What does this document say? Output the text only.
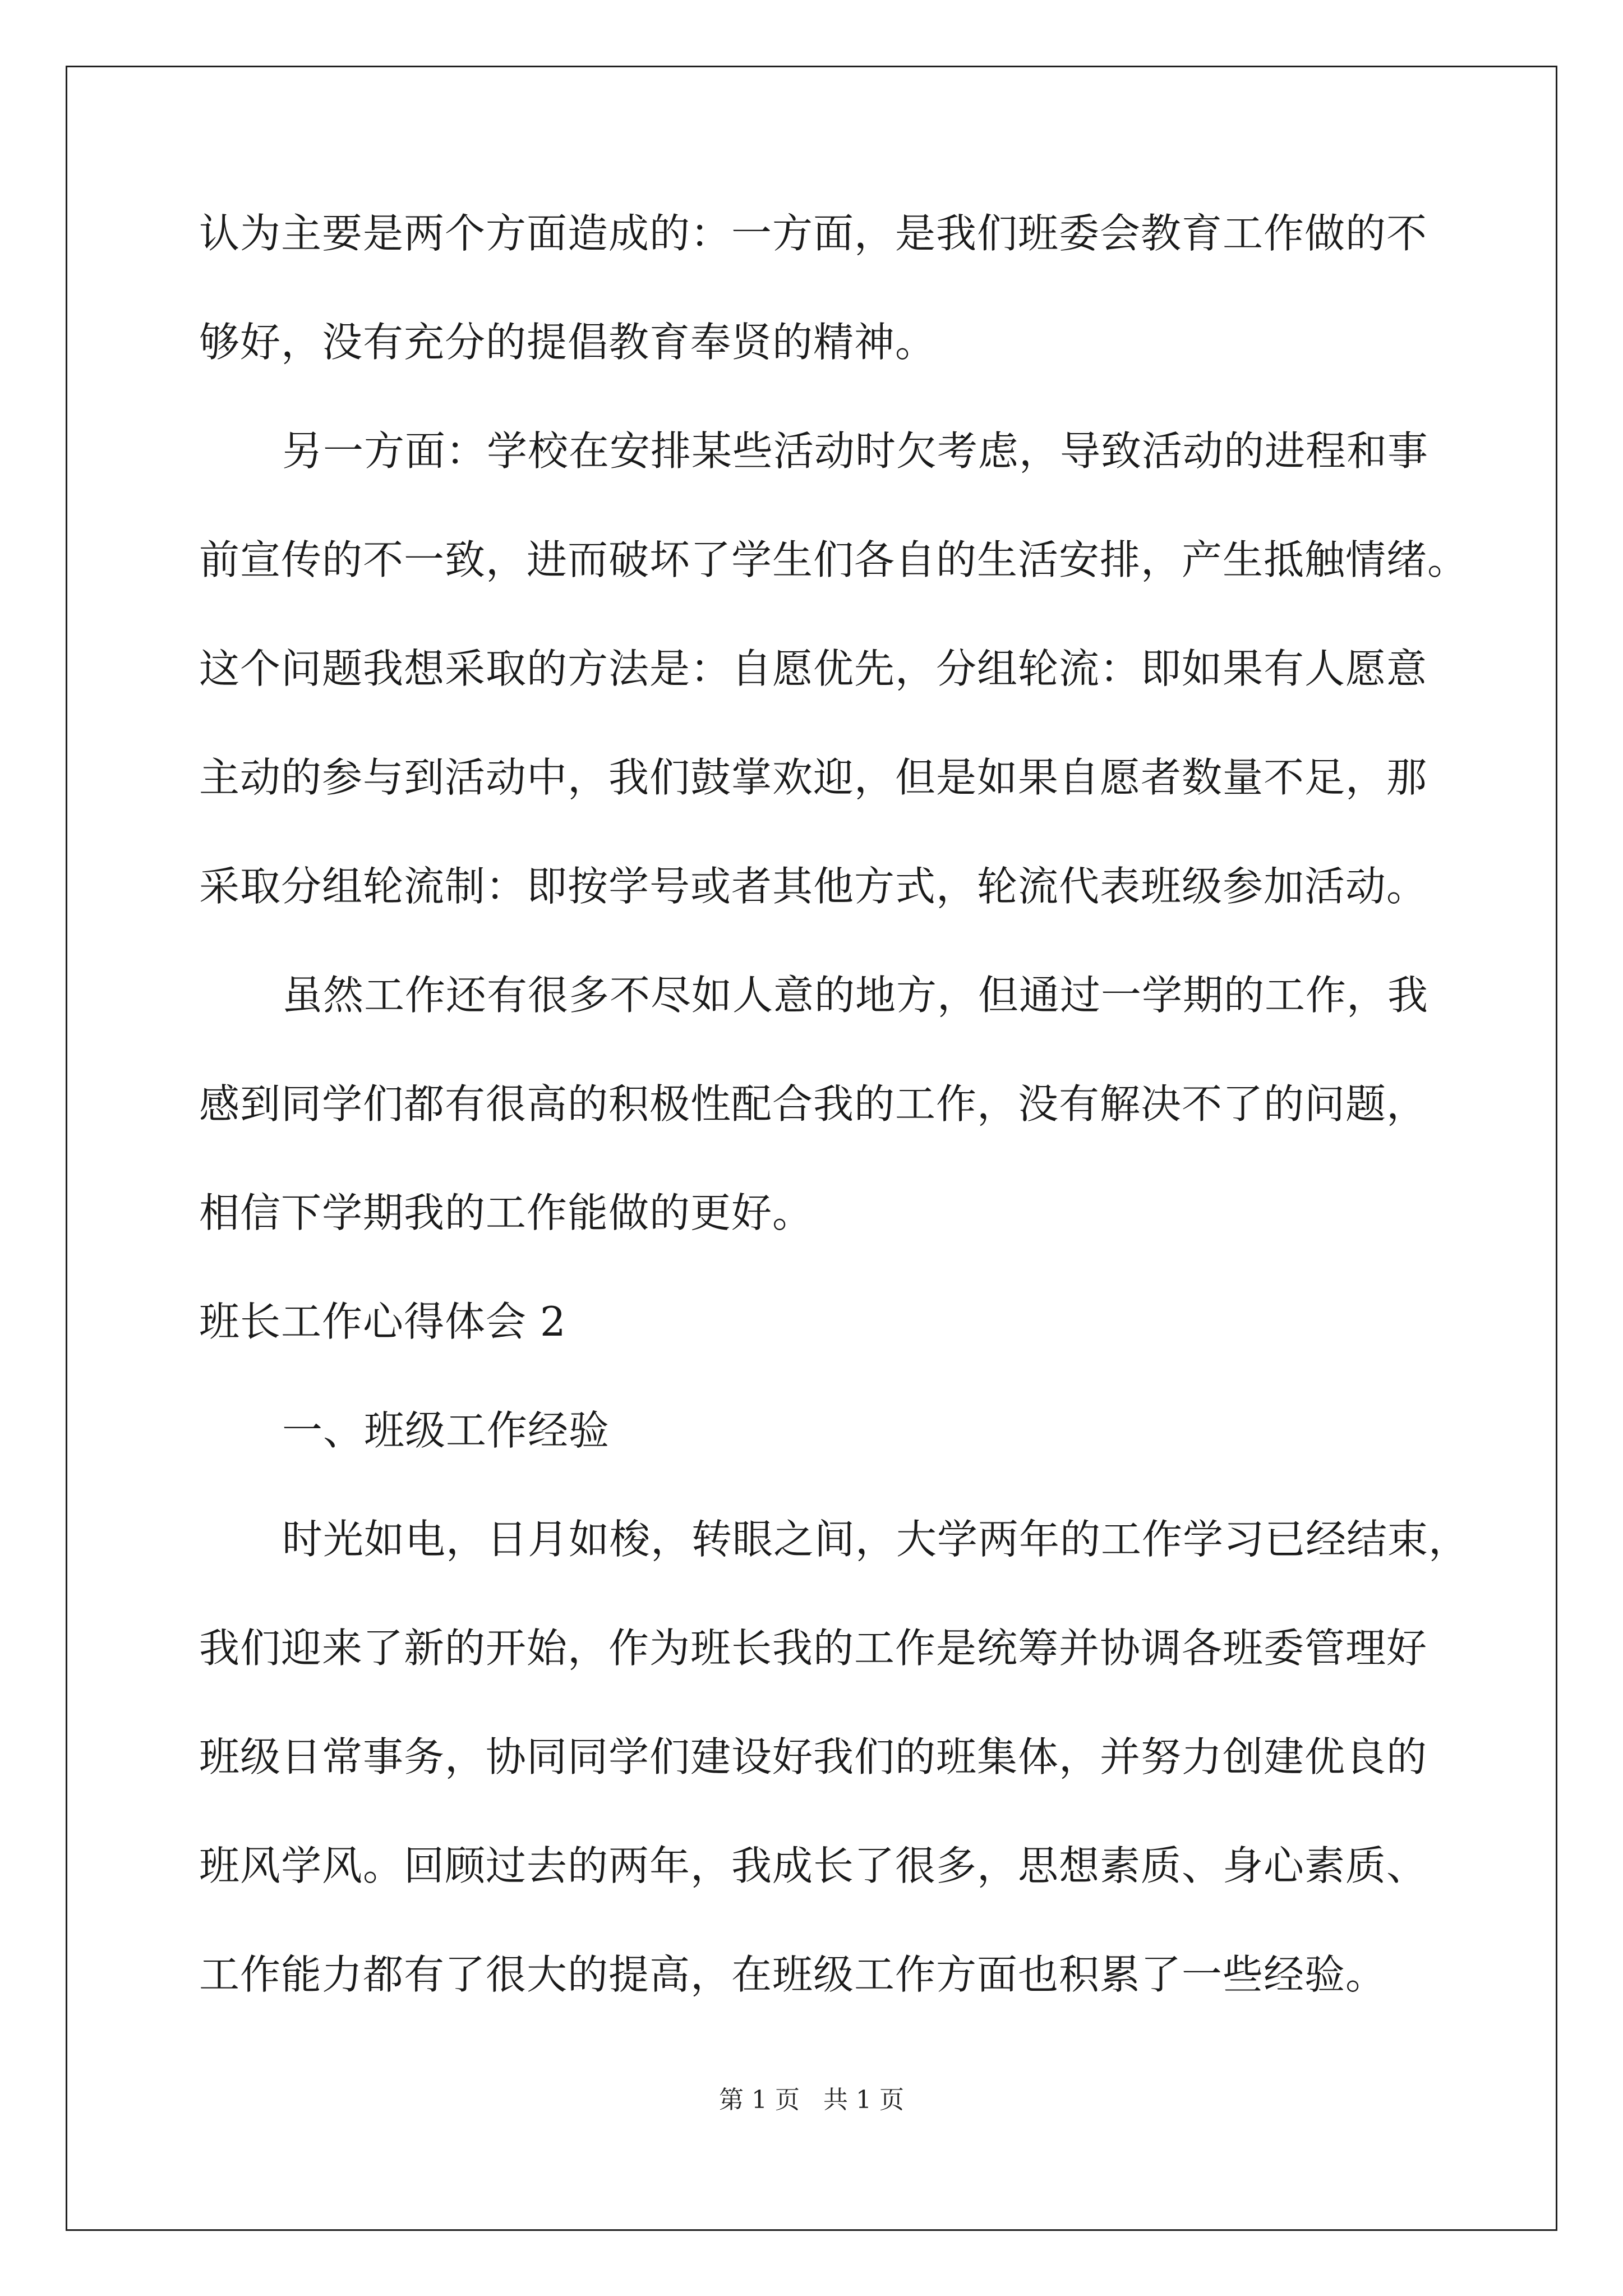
认为主要是两个方面造成的：一方面，是我们班委会教育工作做的不
够好，没有充分的提倡教育奉贤的精神。
另一方面：学校在安排某些活动时欠考虑，导致活动的进程和事
前宣传的不一致，进而破坏了学生们各自的生活安排，产生抵触情绪。
这个问题我想采取的方法是：自愿优先，分组轮流：即如果有人愿意
主动的参与到活动中，我们鼓掌欢迎，但是如果自愿者数量不足，那
采取分组轮流制：即按学号或者其他方式，轮流代表班级参加活动。
虽然工作还有很多不尽如人意的地方，但通过一学期的工作，我
感到同学们都有很高的积极性配合我的工作，没有解决不了的问题，
相信下学期我的工作能做的更好。
班长工作心得体会 2
一、班级工作经验
时光如电，日月如梭，转眼之间，大学两年的工作学习已经结束，
我们迎来了新的开始，作为班长我的工作是统筹并协调各班委管理好
班级日常事务，协同同学们建设好我们的班集体，并努力创建优良的
班风学风。回顾过去的两年，我成长了很多，思想素质、身心素质、
工作能力都有了很大的提高，在班级工作方面也积累了一些经验。
第 1 页 共 1 页
